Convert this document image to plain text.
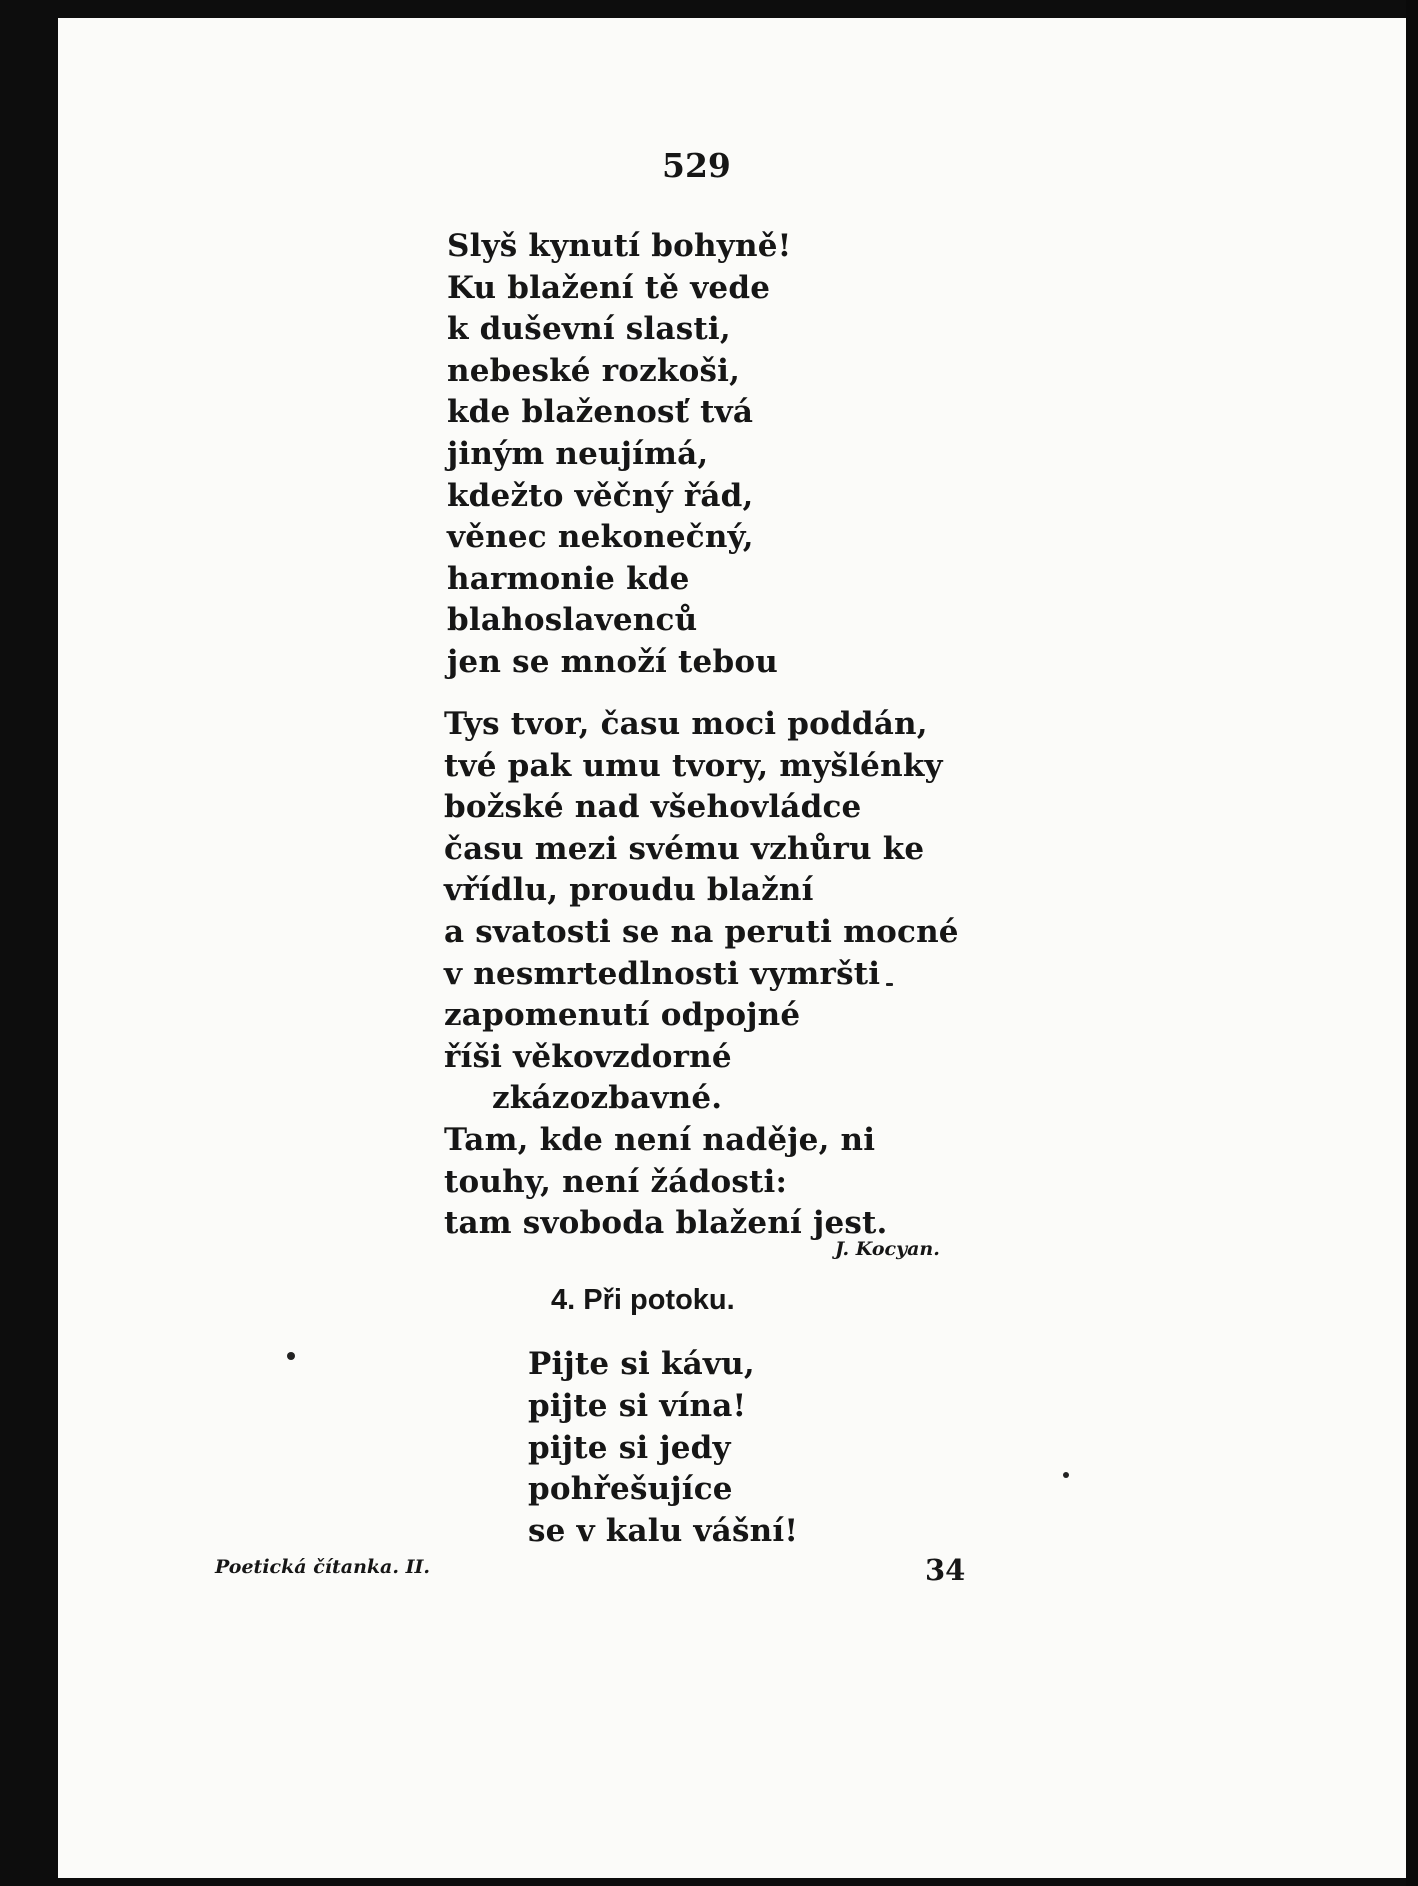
529
Slyš kynutí bohyně!
Ku blažení tě vede
k duševní slasti,
nebeské rozkoši,
kde blaženosť tvá
jiným neujímá,
kdežto věčný řád,
věnec nekonečný,
harmonie kde
blahoslavenců
jen se množí tebou
Tys tvor, času moci poddán,
tvé pak umu tvory, myšlénky
božské nad všehovládce
času mezi svému vzhůru ke
vřídlu, proudu blažní
a svatosti se na peruti mocné
v nesmrtedlnosti vymršti
zapomenutí odpojné
říši věkovzdorné
zkázozbavné.
Tam, kde není naděje, ni
touhy, není žádosti:
tam svoboda blažení jest.
J. Kocyan.
4. Při potoku.
Pijte si kávu,
pijte si vína!
pijte si jedy
pohřešujíce
se v kalu vášní!
Poetická čítanka. II.	34
